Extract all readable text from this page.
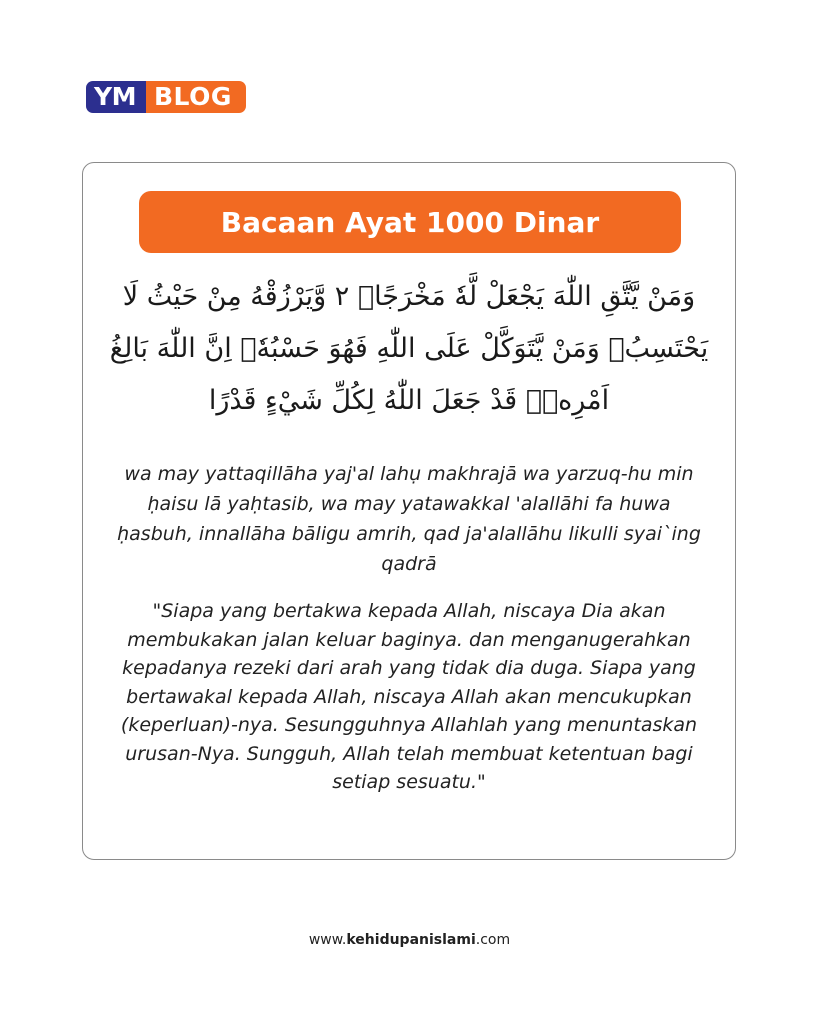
YM BLOG
Bacaan Ayat 1000 Dinar
وَمَنْ يَّتَّقِ اللّٰهَ يَجْعَلْ لَّهٗ مَخْرَجًاۙ ٢ وَّيَرْزُقْهُ مِنْ حَيْثُ لَا يَحْتَسِبُۗ وَمَنْ يَّتَوَكَّلْ عَلَى اللّٰهِ فَهُوَ حَسْبُهٗۗ اِنَّ اللّٰهَ بَالِغُ اَمْرِهٖۗ قَدْ جَعَلَ اللّٰهُ لِكُلِّ شَيْءٍ قَدْرًا
wa may yattaqillāha yaj'al lahụ makhrajā wa yarzuq-hu min ḥaisu lā yaḥtasib, wa may yatawakkal 'alallāhi fa huwa ḥasbuh, innallāha bāligu amrih, qad ja'alallāhu likulli syai`ing qadrā
"Siapa yang bertakwa kepada Allah, niscaya Dia akan membukakan jalan keluar baginya. dan menganugerahkan kepadanya rezeki dari arah yang tidak dia duga. Siapa yang bertawakal kepada Allah, niscaya Allah akan mencukupkan (keperluan)-nya. Sesungguhnya Allahlah yang menuntaskan urusan-Nya. Sungguh, Allah telah membuat ketentuan bagi setiap sesuatu."
www.kehidupanislami.com
